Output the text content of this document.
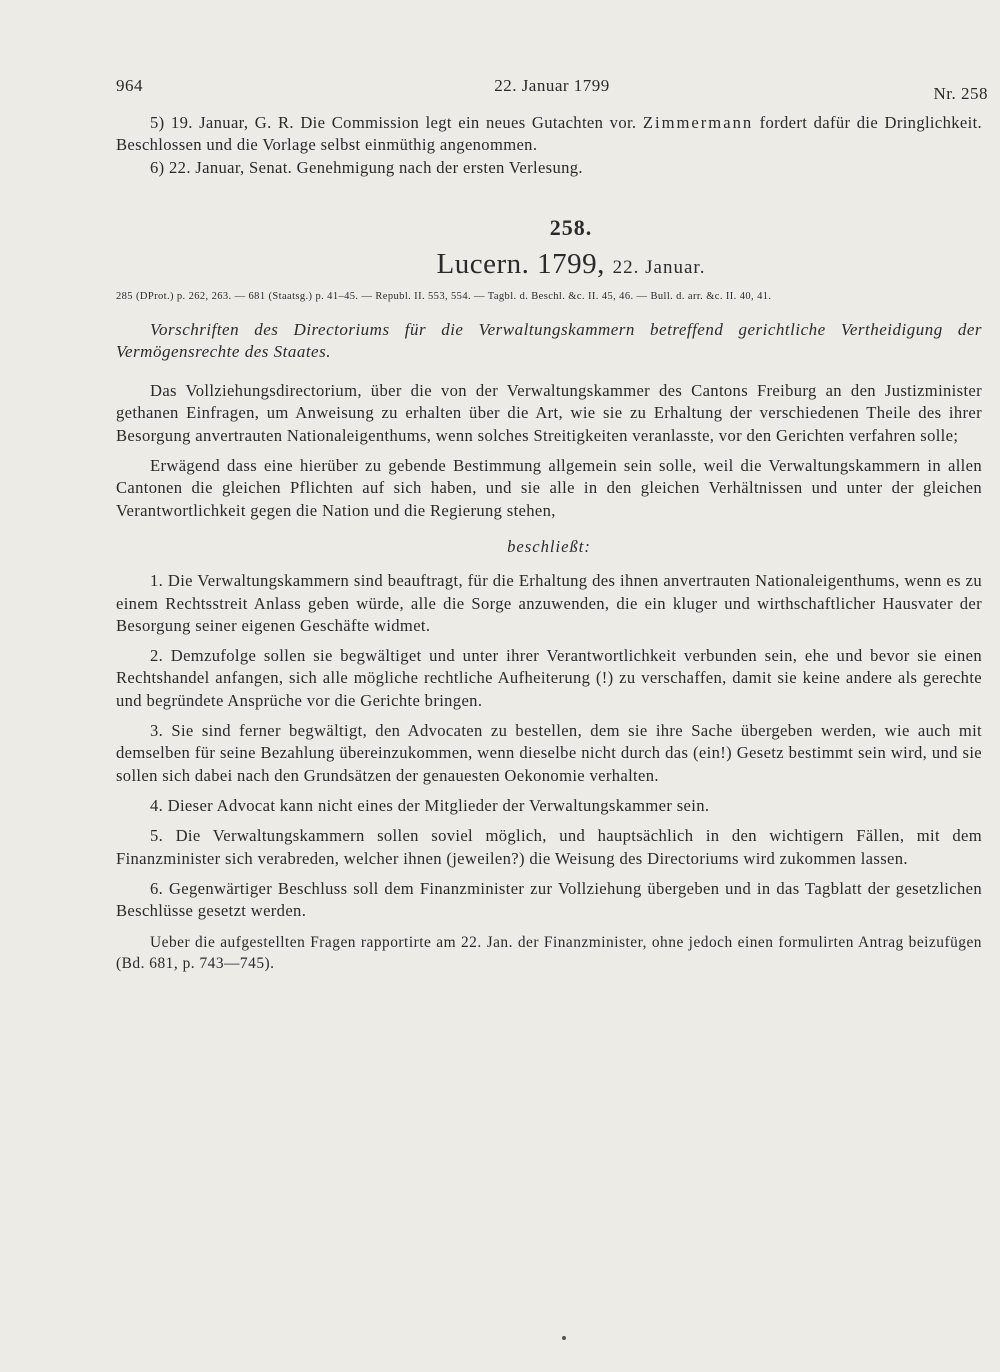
964	22. Januar 1799	Nr. 258

5) 19. Januar, G. R. Die Commission legt ein neues Gutachten vor. Zimmermann fordert dafür die Dringlichkeit. Beschlossen und die Vorlage selbst einmüthig angenommen.

6) 22. Januar, Senat. Genehmigung nach der ersten Verlesung.

258.
Lucern. 1799, 22. Januar.
285 (DProt.) p. 262, 263. — 681 (Staatsg.) p. 41–45. — Republ. II. 553, 554. — Tagbl. d. Beschl. &c. II. 45, 46. — Bull. d. arr. &c. II. 40, 41.

Vorschriften des Directoriums für die Verwaltungskammern betreffend gerichtliche Vertheidigung der Vermögensrechte des Staates.

Das Vollziehungsdirectorium, über die von der Verwaltungskammer des Cantons Freiburg an den Justizminister gethanen Einfragen, um Anweisung zu erhalten über die Art, wie sie zu Erhaltung der verschiedenen Theile des ihrer Besorgung anvertrauten Nationaleigenthums, wenn solches Streitigkeiten veranlasste, vor den Gerichten verfahren solle;

Erwägend dass eine hierüber zu gebende Bestimmung allgemein sein solle, weil die Verwaltungskammern in allen Cantonen die gleichen Pflichten auf sich haben, und sie alle in den gleichen Verhältnissen und unter der gleichen Verantwortlichkeit gegen die Nation und die Regierung stehen,

beschließt:

1. Die Verwaltungskammern sind beauftragt, für die Erhaltung des ihnen anvertrauten Nationaleigenthums, wenn es zu einem Rechtsstreit Anlass geben würde, alle die Sorge anzuwenden, die ein kluger und wirthschaftlicher Hausvater der Besorgung seiner eigenen Geschäfte widmet.

2. Demzufolge sollen sie begwältiget und unter ihrer Verantwortlichkeit verbunden sein, ehe und bevor sie einen Rechtshandel anfangen, sich alle mögliche rechtliche Aufheiterung (!) zu verschaffen, damit sie keine andere als gerechte und begründete Ansprüche vor die Gerichte bringen.

3. Sie sind ferner begwältigt, den Advocaten zu bestellen, dem sie ihre Sache übergeben werden, wie auch mit demselben für seine Bezahlung übereinzukommen, wenn dieselbe nicht durch das (ein!) Gesetz bestimmt sein wird, und sie sollen sich dabei nach den Grundsätzen der genauesten Oekonomie verhalten.

4. Dieser Advocat kann nicht eines der Mitglieder der Verwaltungskammer sein.

5. Die Verwaltungskammern sollen soviel möglich, und hauptsächlich in den wichtigern Fällen, mit dem Finanzminister sich verabreden, welcher ihnen (jeweilen?) die Weisung des Directoriums wird zukommen lassen.

6. Gegenwärtiger Beschluss soll dem Finanzminister zur Vollziehung übergeben und in das Tagblatt der gesetzlichen Beschlüsse gesetzt werden.

Ueber die aufgestellten Fragen rapportirte am 22. Jan. der Finanzminister, ohne jedoch einen formulirten Antrag beizufügen (Bd. 681, p. 743—745).
